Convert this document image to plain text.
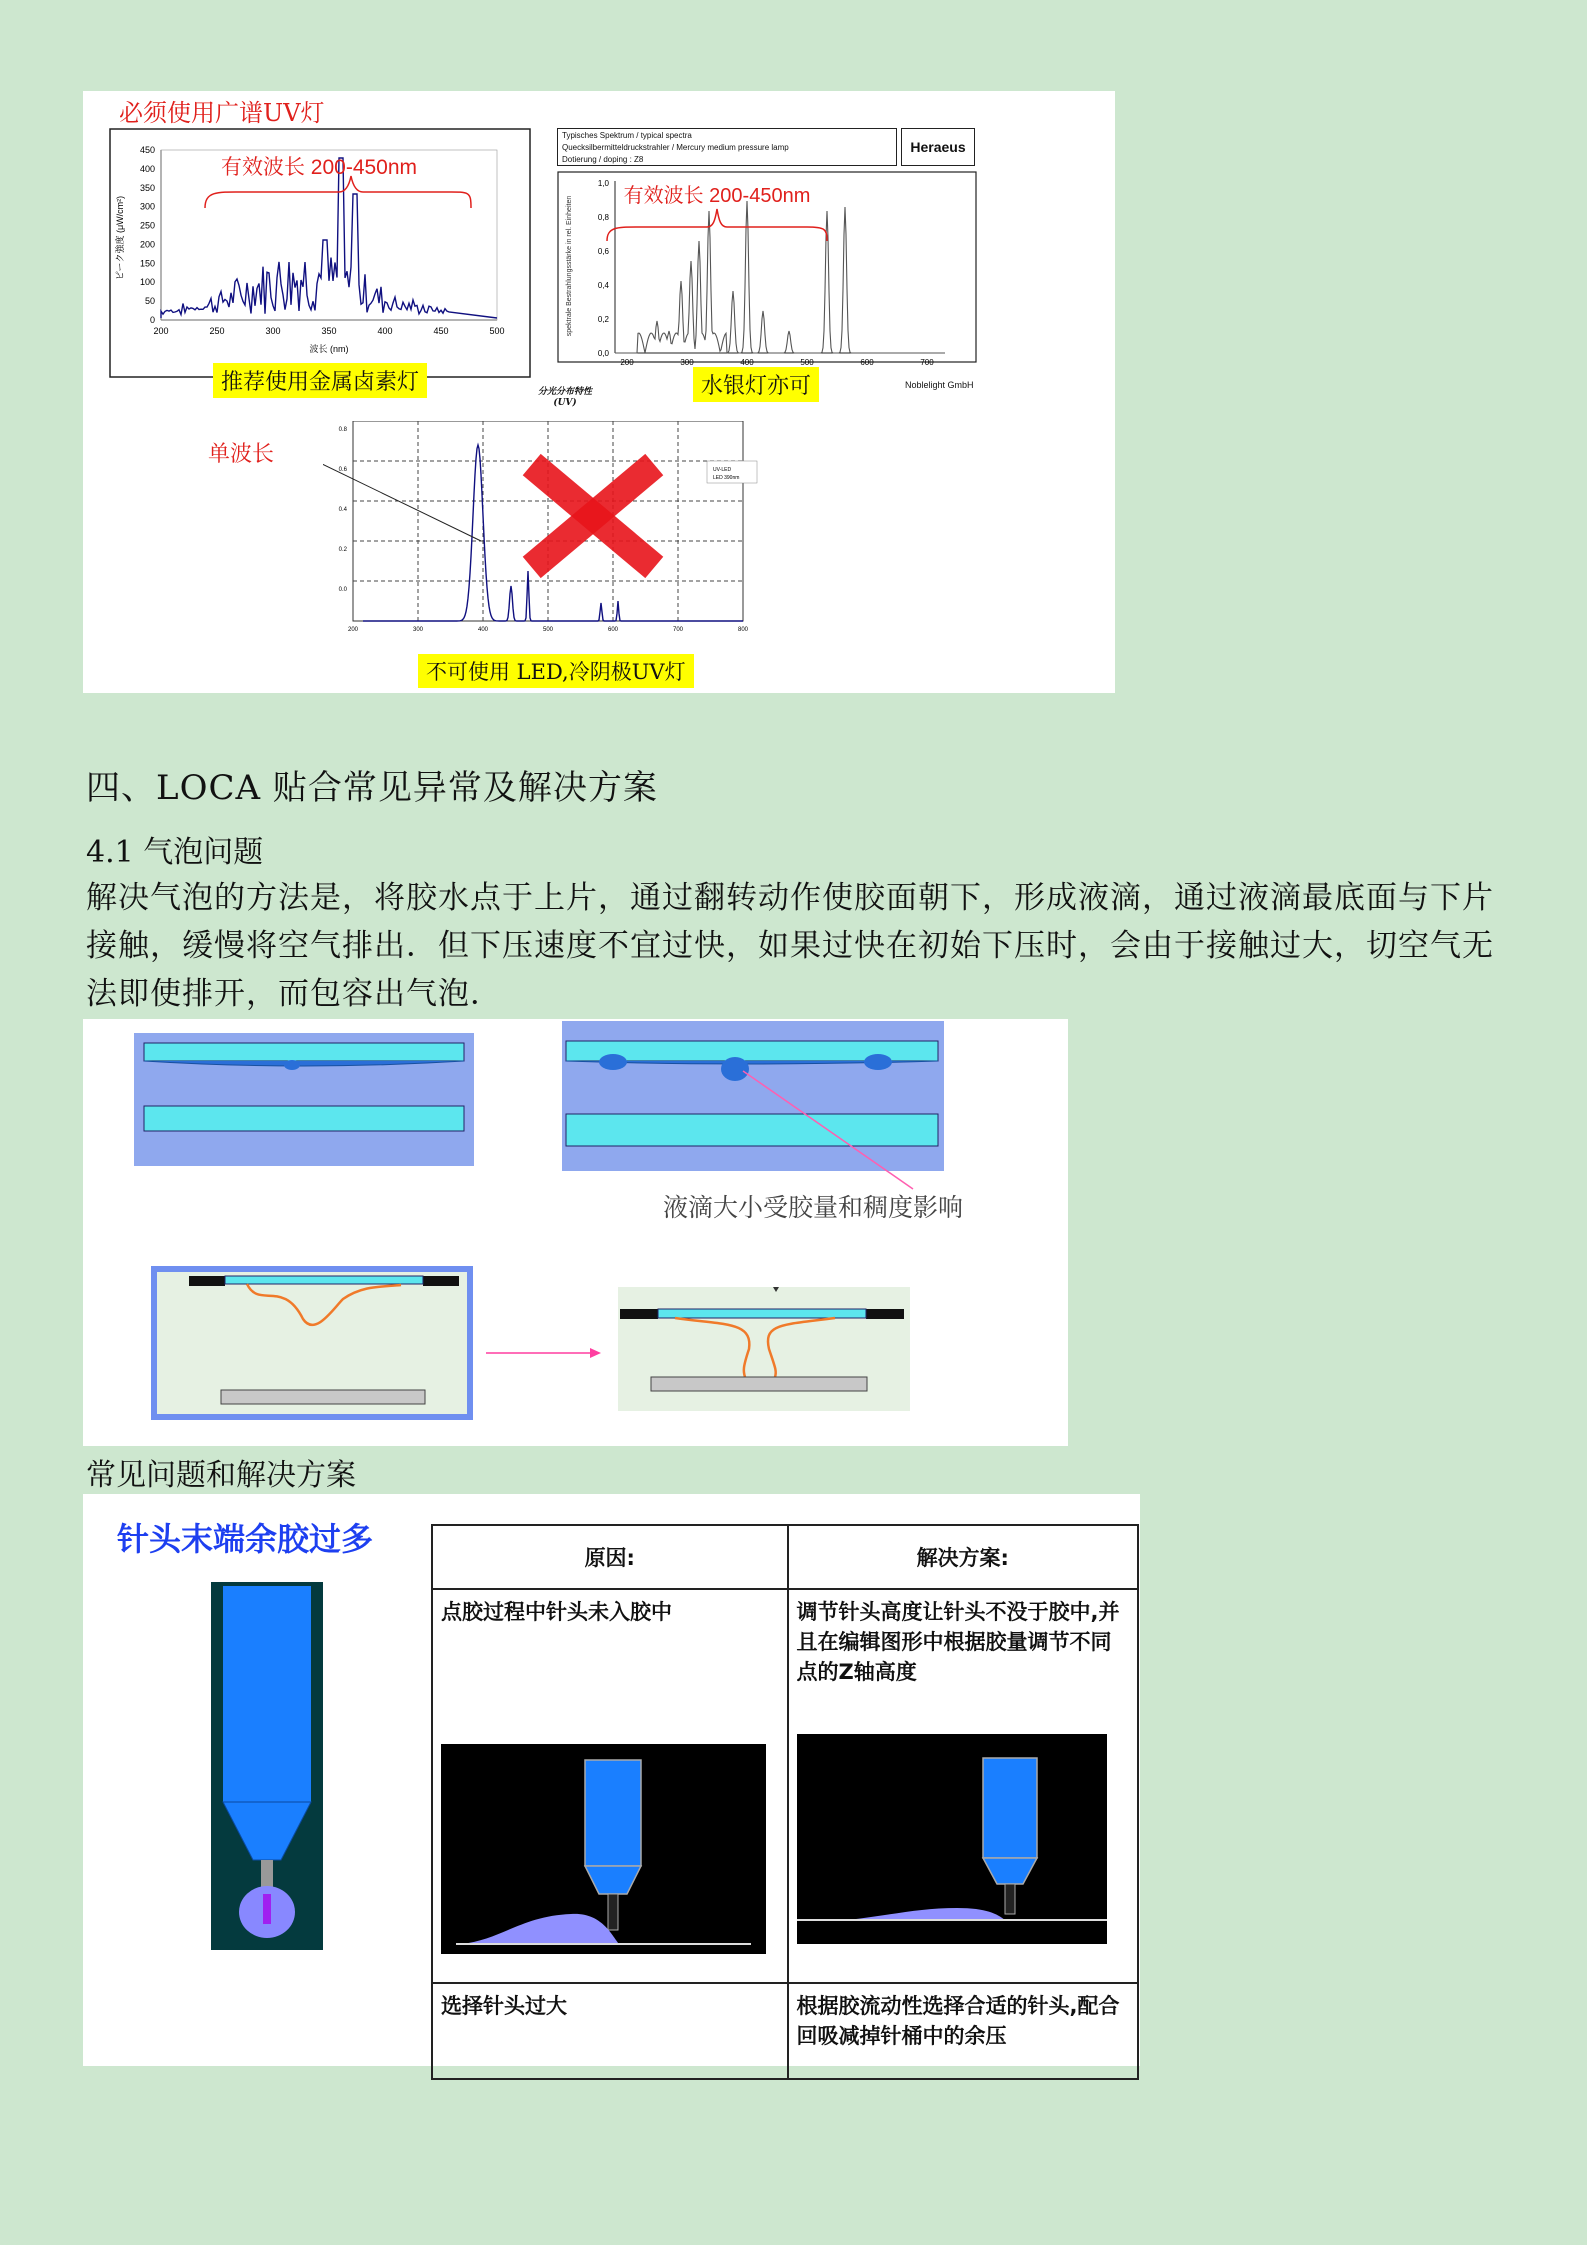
必须使用广谱UV灯
450
400
350
300
250
200
150
100
50
0
200	250	300	350	400	450	500
有效波长 200-450nm
波长 (nm)
ピーク強度 (μW/cm²)
推荐使用金属卤素灯
Typisches Spektrum / typical spectra
Quecksilbermitteldruckstrahler / Mercury medium pressure lamp
Dotierung / doping : Z8
Heraeus
1,0
0,8
0,6
0,4
0,2
0,0
200	300	400	500	600	700
有效波长 200-450nm
spektrale Bestrahlungsstärke in rel. Einheiten
水银灯亦可	Noblelight GmbH
分光分布特性
(UV)
单波长
200	300	400	500	600	700	800
0.8
0.6
0.4
0.2
0.0
UV-LED
LED 390nm
不可使用 LED,冷阴极UV灯
四、LOCA 贴合常见异常及解决方案
4.1 气泡问题
解决气泡的方法是，将胶水点于上片，通过翻转动作使胶面朝下，形成液滴，通过液滴最底面与下片接触，缓慢将空气排出．但下压速度不宜过快，如果过快在初始下压时，会由于接触过大，切空气无法即使排开，而包容出气泡．
液滴大小受胶量和稠度影响
常见问题和解决方案
针头末端余胶过多	原因:	解决方案:

点胶过程中针头未入胶中	调节针头高度让针头不没于胶中,并且在编辑图形中根据胶量调节不同点的Z轴高度

选择针头过大	根据胶流动性选择合适的针头,配合回吸减掉针桶中的余压
